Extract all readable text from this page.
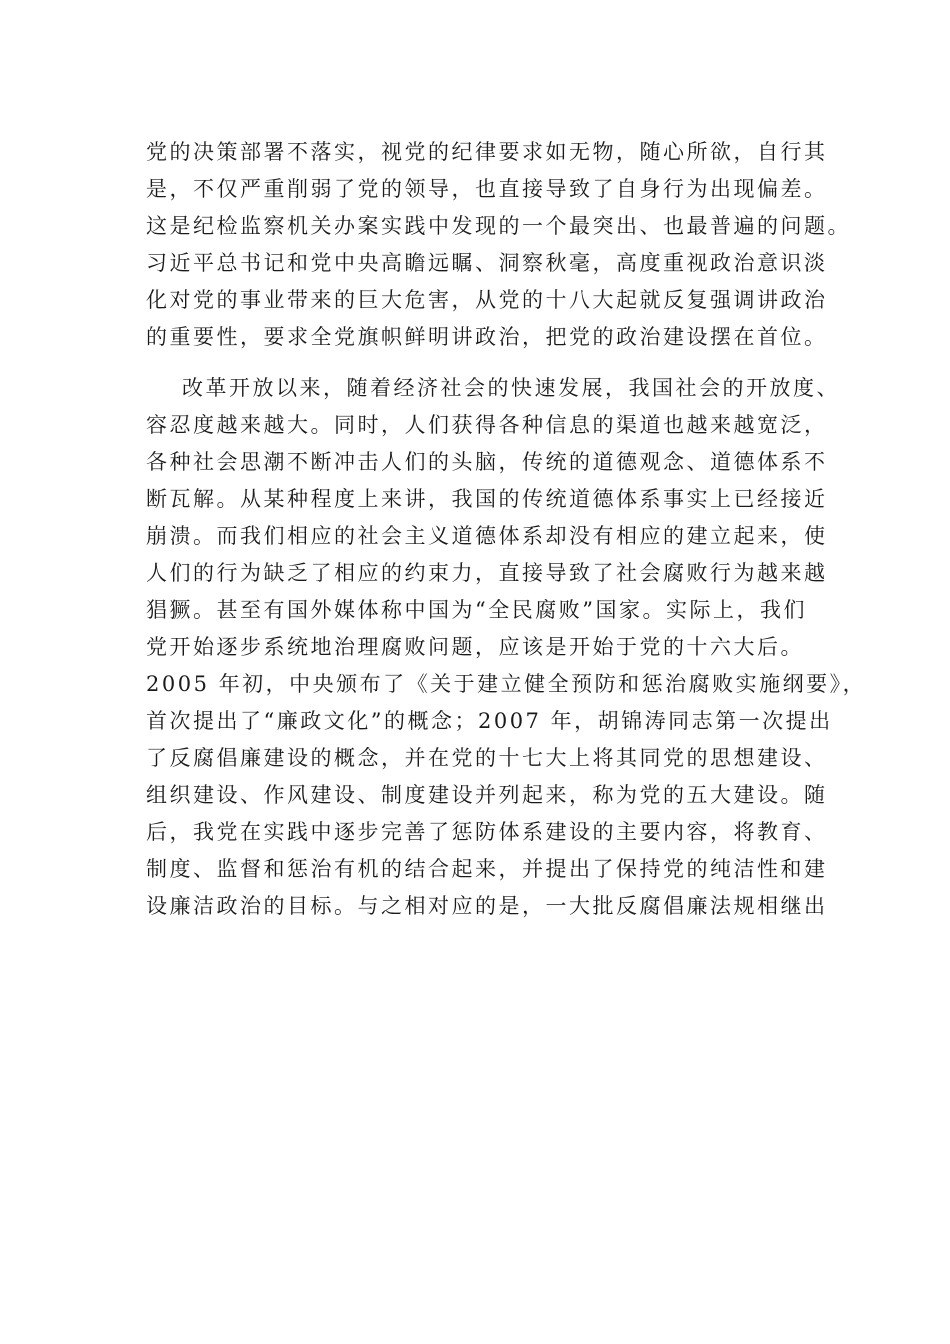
党的决策部署不落实，视党的纪律要求如无物，随心所欲，自行其

是，不仅严重削弱了党的领导，也直接导致了自身行为出现偏差。

这是纪检监察机关办案实践中发现的一个最突出、也最普遍的问题。

习近平总书记和党中央高瞻远瞩、洞察秋毫，高度重视政治意识淡

化对党的事业带来的巨大危害，从党的十八大起就反复强调讲政治

的重要性，要求全党旗帜鲜明讲政治，把党的政治建设摆在首位。

改革开放以来，随着经济社会的快速发展，我国社会的开放度、

容忍度越来越大。同时，人们获得各种信息的渠道也越来越宽泛，

各种社会思潮不断冲击人们的头脑，传统的道德观念、道德体系不

断瓦解。从某种程度上来讲，我国的传统道德体系事实上已经接近

崩溃。而我们相应的社会主义道德体系却没有相应的建立起来，使

人们的行为缺乏了相应的约束力，直接导致了社会腐败行为越来越

猖獗。甚至有国外媒体称中国为“全民腐败”国家。实际上，我们

党开始逐步系统地治理腐败问题，应该是开始于党的十六大后。

2005 年初，中央颁布了《关于建立健全预防和惩治腐败实施纲要》，

首次提出了“廉政文化”的概念；2007 年，胡锦涛同志第一次提出

了反腐倡廉建设的概念，并在党的十七大上将其同党的思想建设、

组织建设、作风建设、制度建设并列起来，称为党的五大建设。随

后，我党在实践中逐步完善了惩防体系建设的主要内容，将教育、

制度、监督和惩治有机的结合起来，并提出了保持党的纯洁性和建

设廉洁政治的目标。与之相对应的是，一大批反腐倡廉法规相继出
